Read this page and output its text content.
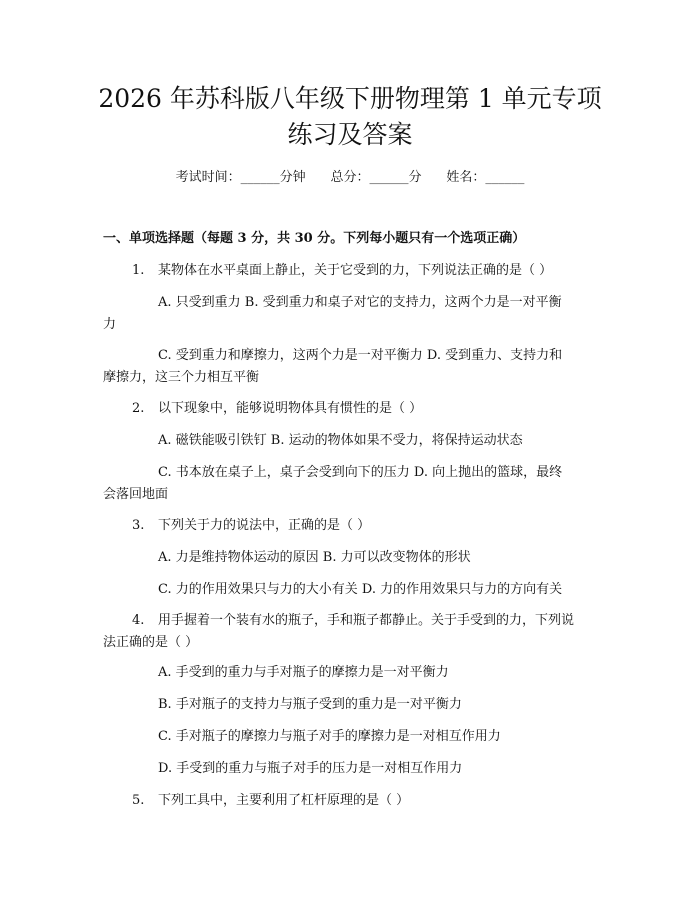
2026 年苏科版八年级下册物理第 1 单元专项
练习及答案
考试时间：______分钟 总分：______分 姓名：______
一、单项选择题（每题 3 分，共 30 分。下列每小题只有一个选项正确）
1. 某物体在水平桌面上静止，关于它受到的力，下列说法正确的是（ ）
A. 只受到重力 B. 受到重力和桌子对它的支持力，这两个力是一对平衡
力
C. 受到重力和摩擦力，这两个力是一对平衡力 D. 受到重力、支持力和
摩擦力，这三个力相互平衡
2. 以下现象中，能够说明物体具有惯性的是（ ）
A. 磁铁能吸引铁钉 B. 运动的物体如果不受力，将保持运动状态
C. 书本放在桌子上，桌子会受到向下的压力 D. 向上抛出的篮球，最终
会落回地面
3. 下列关于力的说法中，正确的是（ ）
A. 力是维持物体运动的原因 B. 力可以改变物体的形状
C. 力的作用效果只与力的大小有关 D. 力的作用效果只与力的方向有关
4. 用手握着一个装有水的瓶子，手和瓶子都静止。关于手受到的力，下列说
法正确的是（ ）
A. 手受到的重力与手对瓶子的摩擦力是一对平衡力
B. 手对瓶子的支持力与瓶子受到的重力是一对平衡力
C. 手对瓶子的摩擦力与瓶子对手的摩擦力是一对相互作用力
D. 手受到的重力与瓶子对手的压力是一对相互作用力
5. 下列工具中，主要利用了杠杆原理的是（ ）
